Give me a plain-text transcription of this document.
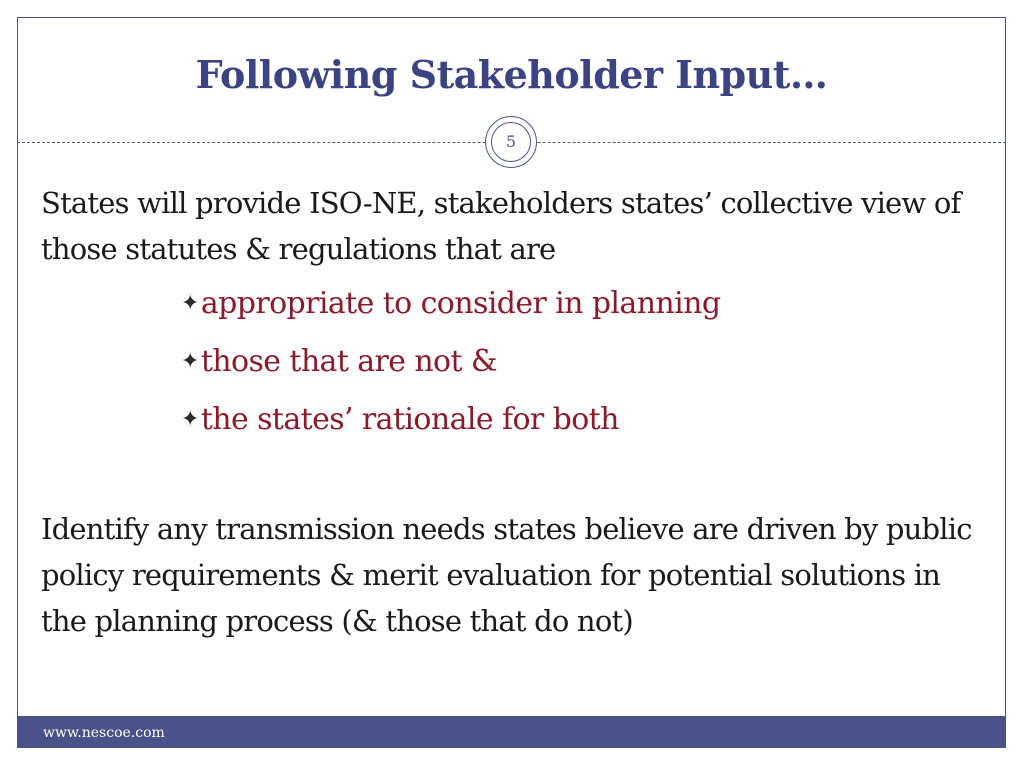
Following Stakeholder Input…
5

States will provide ISO-NE, stakeholders states’ collective view of those statutes & regulations that are

✦appropriate to consider in planning
✦those that are not &
✦the states’ rationale for both

Identify any transmission needs states believe are driven by public policy requirements & merit evaluation for potential solutions in the planning process (& those that do not)

www.nescoe.com
